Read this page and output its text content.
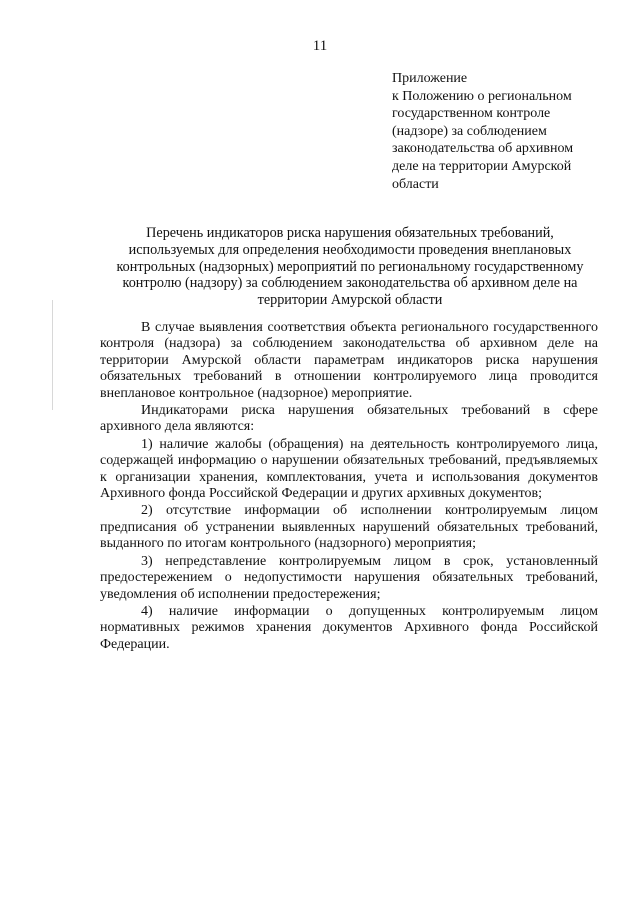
11
Приложение
к Положению о региональном
государственном контроле
(надзоре) за соблюдением
законодательства об архивном
деле на территории Амурской
области
Перечень индикаторов риска нарушения обязательных требований,
используемых для определения необходимости проведения внеплановых
контрольных (надзорных) мероприятий по региональному государственному
контролю (надзору) за соблюдением законодательства об архивном деле на
территории Амурской области

В случае выявления соответствия объекта регионального государственного контроля (надзора) за соблюдением законодательства об архивном деле на территории Амурской области параметрам индикаторов риска нарушения обязательных требований в отношении контролируемого лица проводится внеплановое контрольное (надзорное) мероприятие.

Индикаторами риска нарушения обязательных требований в сфере архивного дела являются:

1) наличие жалобы (обращения) на деятельность контролируемого лица, содержащей информацию о нарушении обязательных требований, предъявляемых к организации хранения, комплектования, учета и использования документов Архивного фонда Российской Федерации и других архивных документов;

2) отсутствие информации об исполнении контролируемым лицом предписания об устранении выявленных нарушений обязательных требований, выданного по итогам контрольного (надзорного) мероприятия;

3) непредставление контролируемым лицом в срок, установленный предостережением о недопустимости нарушения обязательных требований, уведомления об исполнении предостережения;

4) наличие информации о допущенных контролируемым лицом нормативных режимов хранения документов Архивного фонда Российской Федерации.
